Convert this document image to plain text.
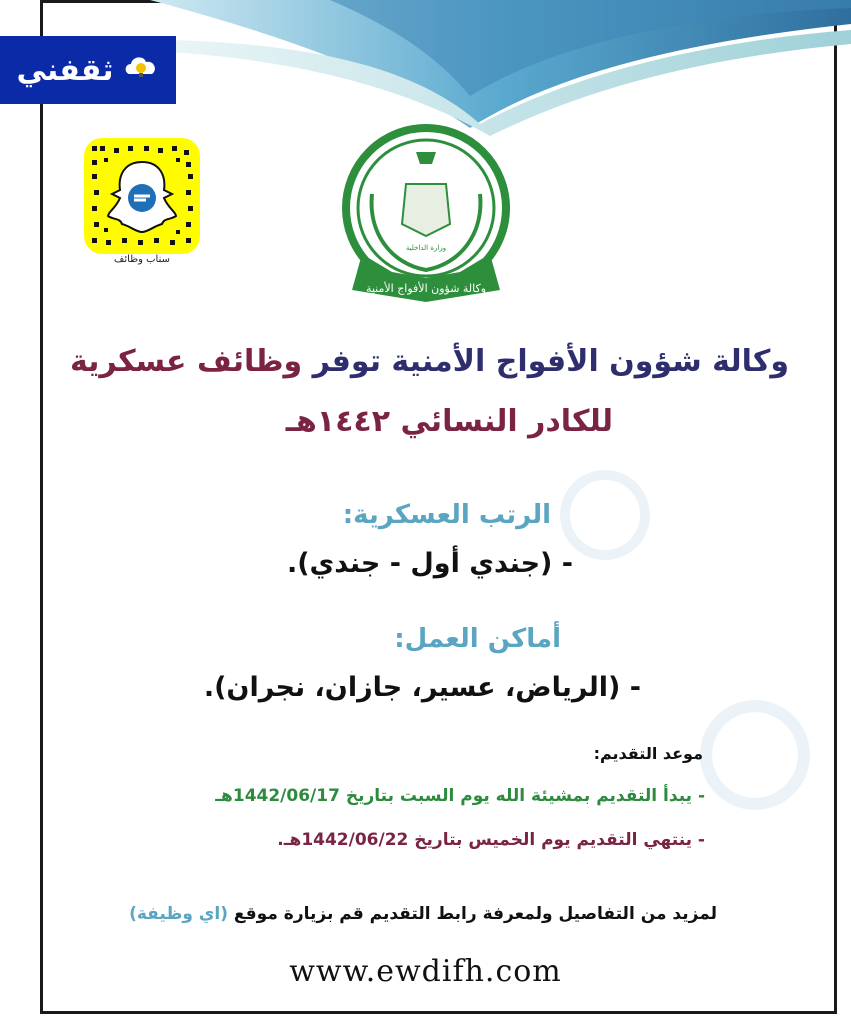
ثقفني
وكالة شؤون الأفواج الأمنية
وزارة الداخلية
سناب وظائف
وكالة شؤون الأفواج الأمنية توفر وظائف عسكرية
للكادر النسائي ١٤٤٢هـ
الرتب العسكرية:
- (جندي أول - جندي).
أماكن العمل:
- (الرياض، عسير، جازان، نجران).
موعد التقديم:
- يبدأ التقديم بمشيئة الله يوم السبت بتاريخ 1442/06/17هـ
- ينتهي التقديم يوم الخميس بتاريخ 1442/06/22هـ.
لمزيد من التفاصيل ولمعرفة رابط التقديم قم بزيارة موقع (اي وظيفة)
www.ewdifh.com
